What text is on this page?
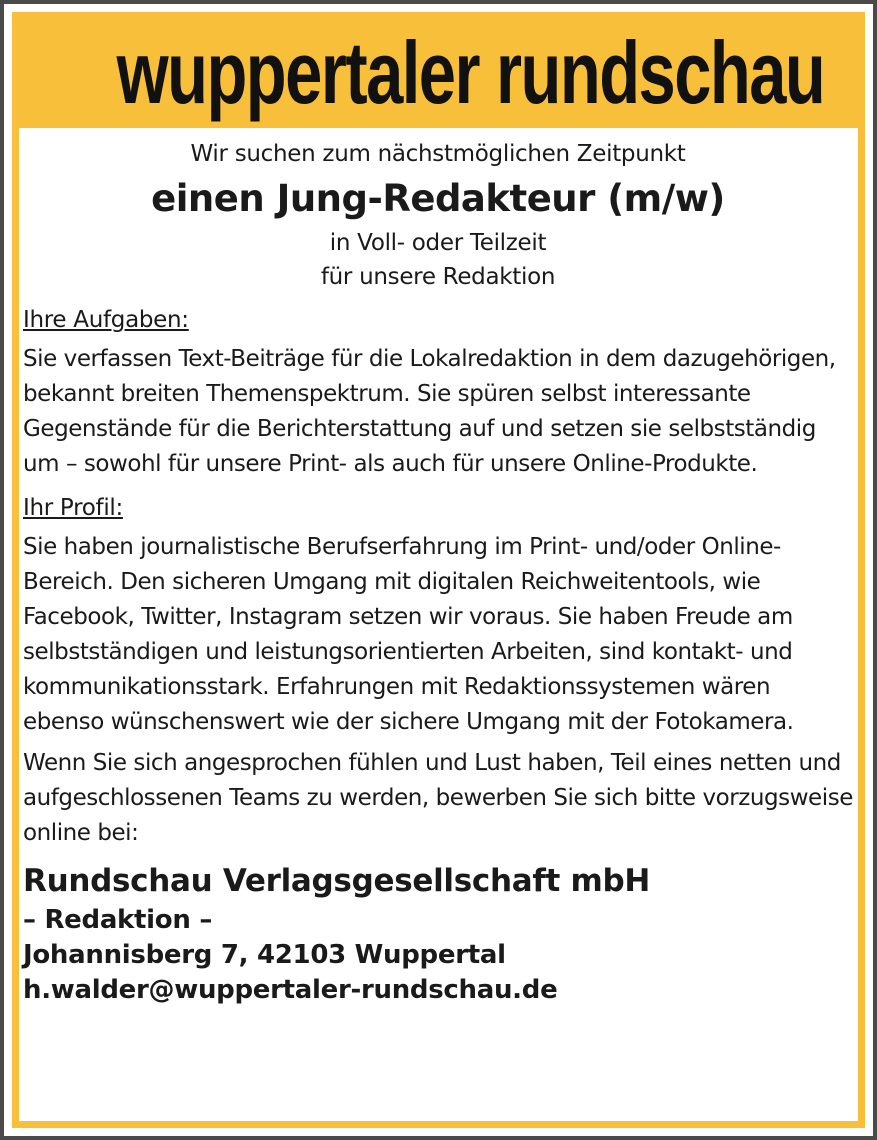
wuppertaler rundschau

Wir suchen zum nächstmöglichen Zeitpunkt

einen Jung-Redakteur (m/w)

in Voll- oder Teilzeit

für unsere Redaktion

Ihre Aufgaben:

Sie verfassen Text-Beiträge für die Lokalredaktion in dem dazugehörigen, bekannt breiten Themenspektrum. Sie spüren selbst interessante Gegenstände für die Berichterstattung auf und setzen sie selbstständig um – sowohl für unsere Print- als auch für unsere Online-Produkte.

Ihr Profil:

Sie haben journalistische Berufserfahrung im Print- und/oder Online-Bereich. Den sicheren Umgang mit digitalen Reichweitentools, wie Facebook, Twitter, Instagram setzen wir voraus. Sie haben Freude am selbstständigen und leistungsorientierten Arbeiten, sind kontakt- und kommunikationsstark. Erfahrungen mit Redaktionssystemen wären ebenso wünschenswert wie der sichere Umgang mit der Fotokamera.

Wenn Sie sich angesprochen fühlen und Lust haben, Teil eines netten und aufgeschlossenen Teams zu werden, bewerben Sie sich bitte vorzugsweise online bei:

Rundschau Verlagsgesellschaft mbH

– Redaktion –

Johannisberg 7, 42103 Wuppertal

h.walder@wuppertaler-rundschau.de
